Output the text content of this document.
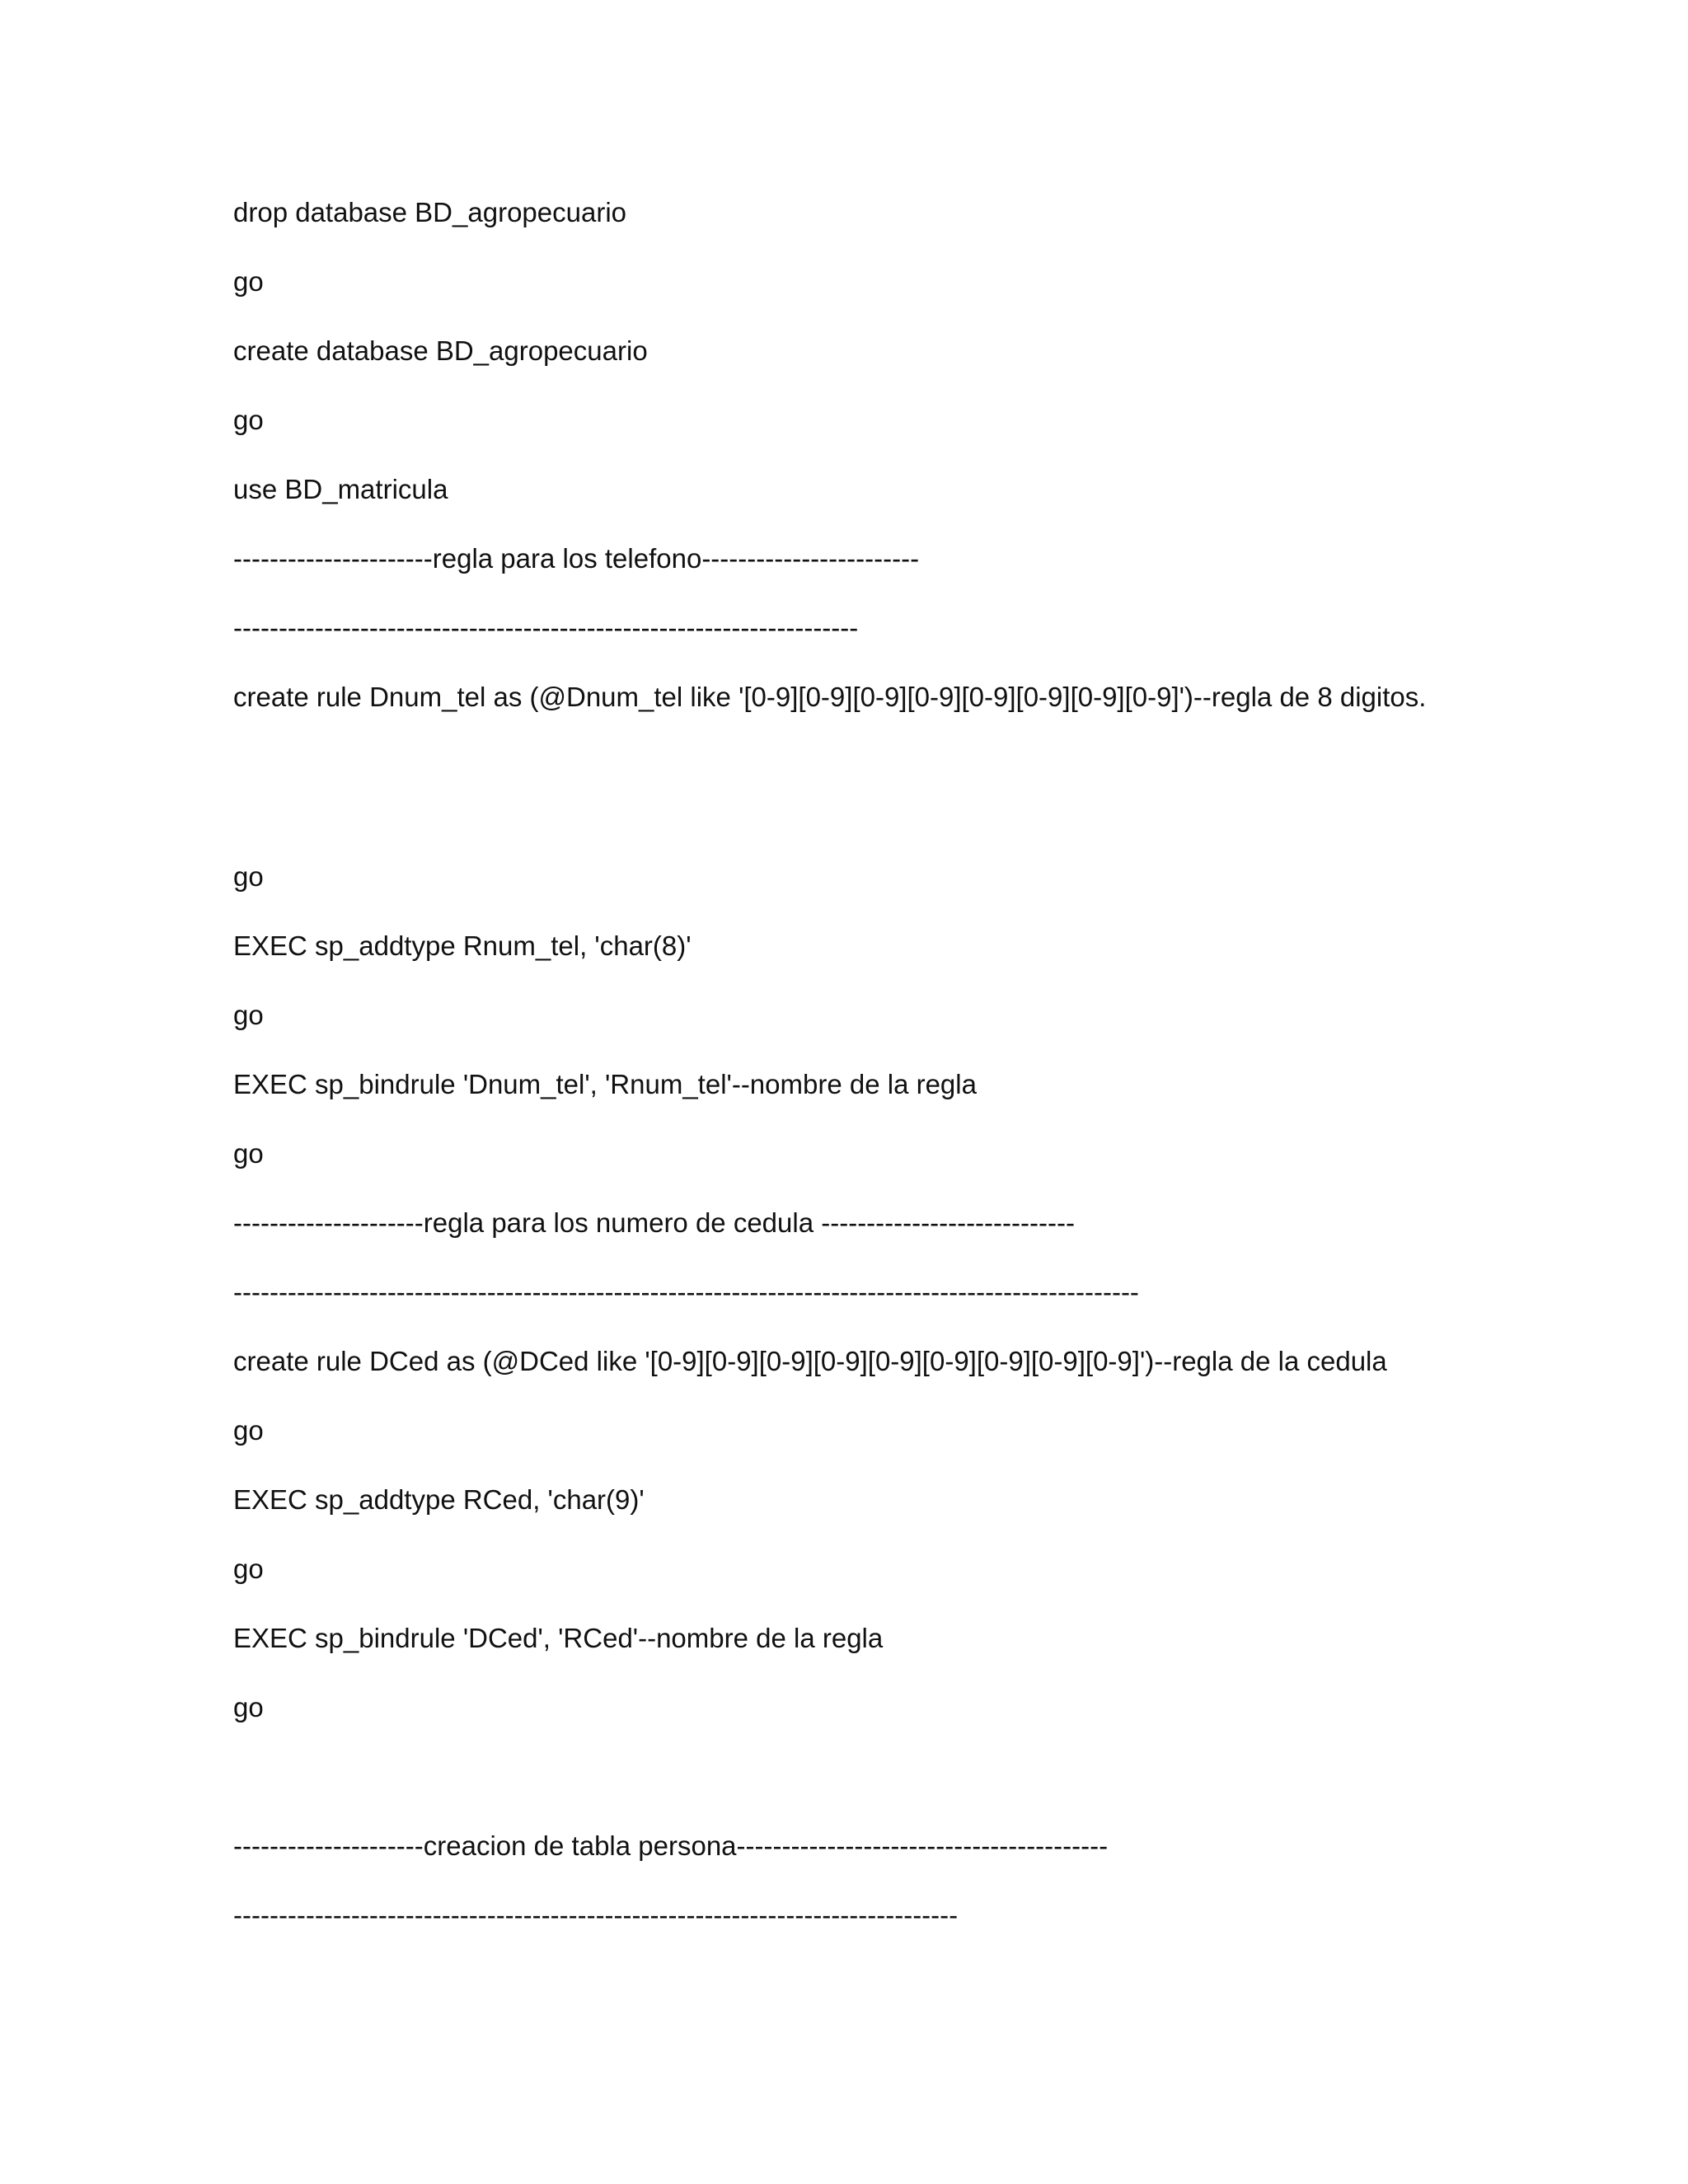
drop database BD_agropecuario
go
create database BD_agropecuario
go
use BD_matricula
----------------------regla para los telefono------------------------
---------------------------------------------------------------------
create rule Dnum_tel as (@Dnum_tel like '[0-9][0-9][0-9][0-9][0-9][0-9][0-9][0-9]')--regla de 8 digitos.
go
EXEC sp_addtype Rnum_tel, 'char(8)'
go
EXEC sp_bindrule 'Dnum_tel', 'Rnum_tel'--nombre de la regla
go
---------------------regla para los numero de cedula ----------------------------
----------------------------------------------------------------------------------------------------
create rule DCed as (@DCed like '[0-9][0-9][0-9][0-9][0-9][0-9][0-9][0-9][0-9]')--regla de la cedula
go
EXEC sp_addtype RCed, 'char(9)'
go
EXEC sp_bindrule 'DCed', 'RCed'--nombre de la regla
go
---------------------creacion de tabla persona-----------------------------------------
--------------------------------------------------------------------------------
